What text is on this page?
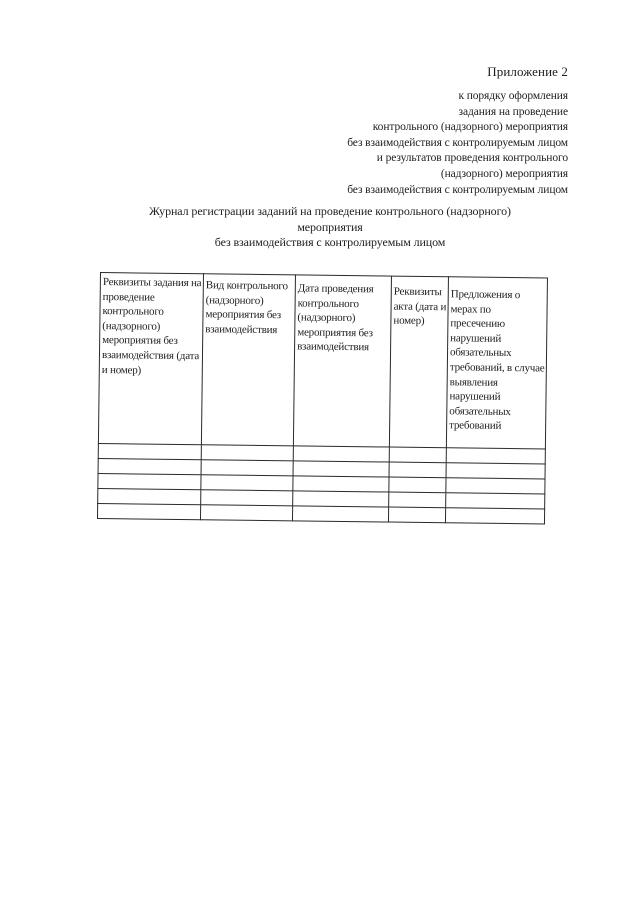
Приложение 2
к порядку оформления
задания на проведение
контрольного (надзорного) мероприятия
без взаимодействия с контролируемым лицом
и результатов проведения контрольного
(надзорного) мероприятия
без взаимодействия с контролируемым лицом
Журнал регистрации заданий на проведение контрольного (надзорного)
мероприятия
без взаимодействия с контролируемым лицом
Реквизиты задания на проведение контрольного (надзорного) мероприятия без взаимодействия (дата и номер)	Вид контрольного (надзорного) мероприятия без взаимодействия	Дата проведения контрольного (надзорного) мероприятия без взаимодействия	Реквизиты акта (дата и номер)	Предложения о мерах по пресечению нарушений обязательных требований, в случае выявления нарушений обязательных требований
